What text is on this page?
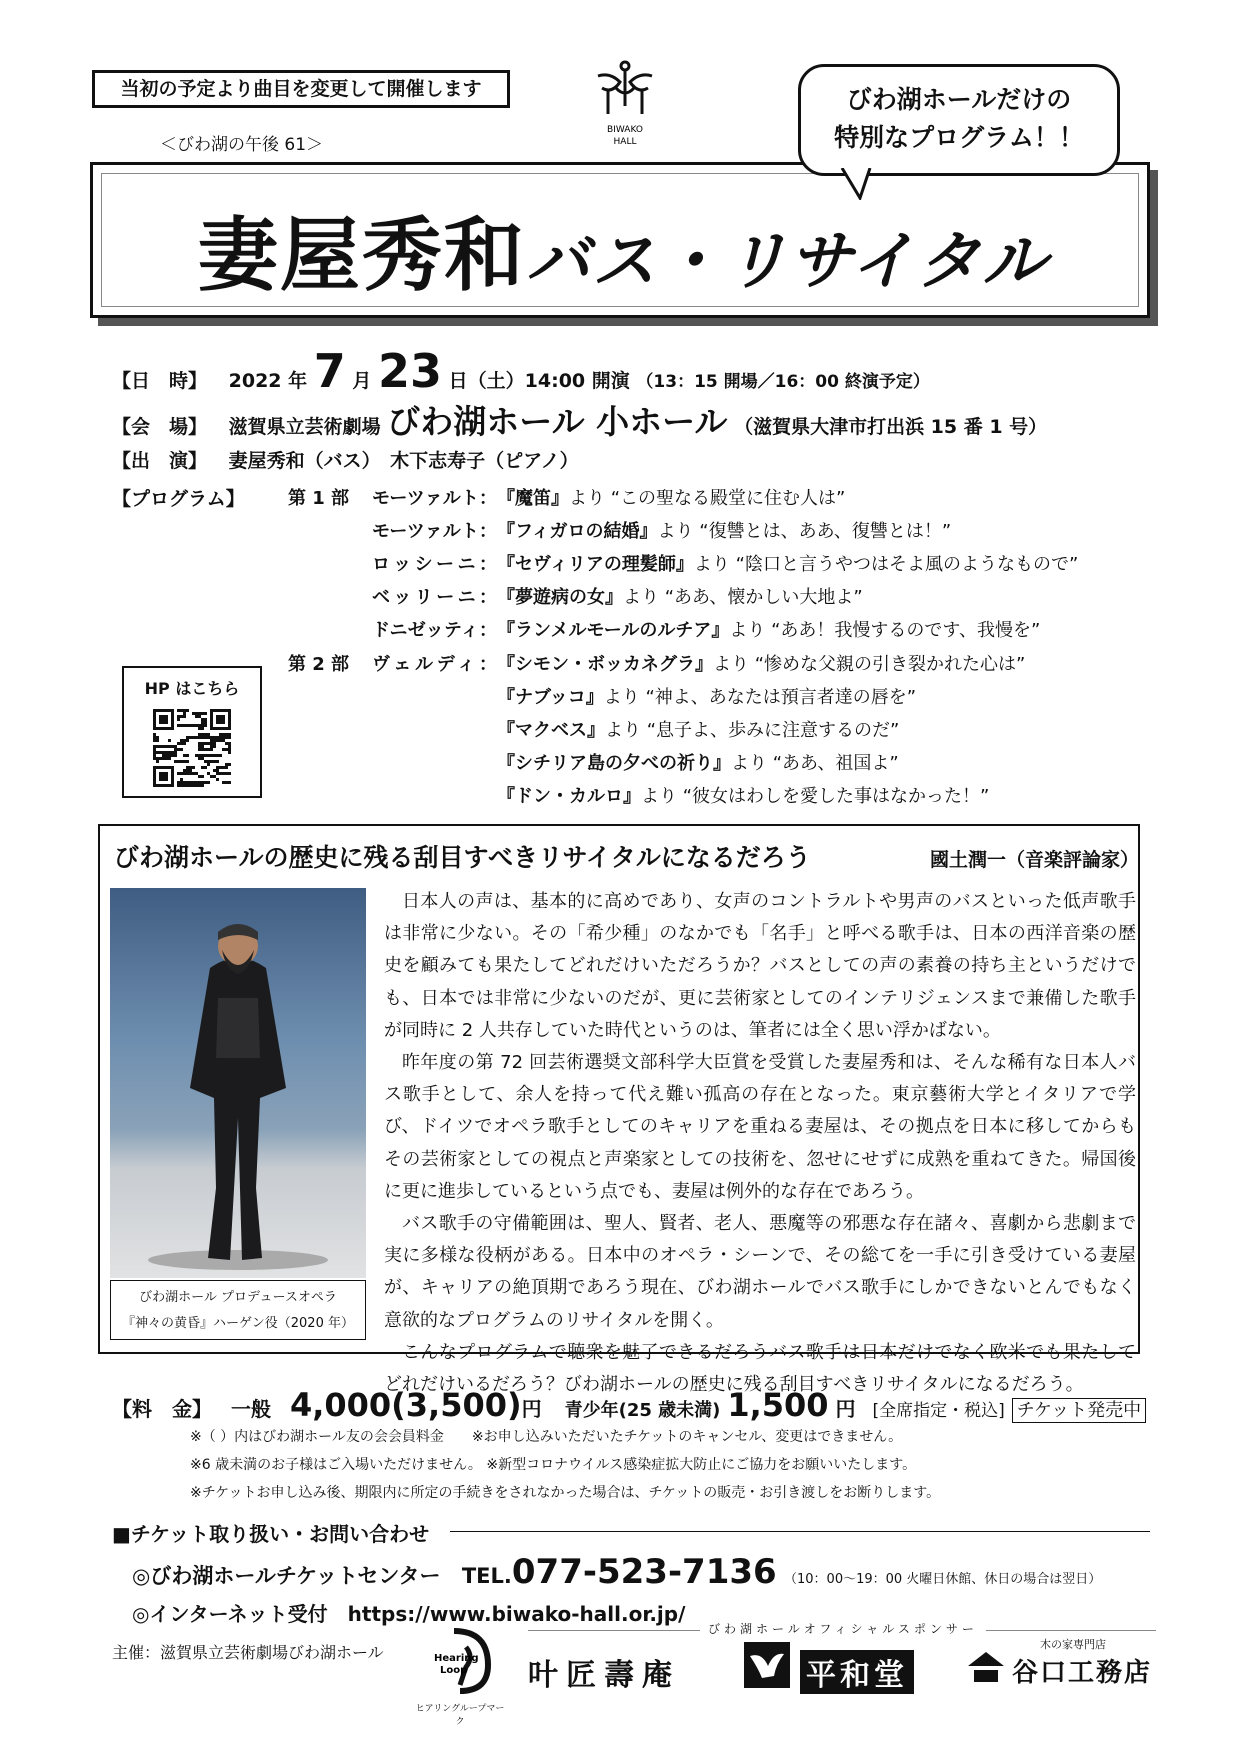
当初の予定より曲目を変更して開催します
＜びわ湖の午後 61＞
BIWAKO
HALL
妻屋秀和バス・リサイタル
びわ湖ホールだけの
特別なプログラム！！
【日　時】 2022 年 7 月 23 日（土）14:00 開演 （13：15 開場／16：00 終演予定）
【会　場】 滋賀県立芸術劇場 びわ湖ホール 小ホール （滋賀県大津市打出浜 15 番 1 号）
【出　演】 妻屋秀和（バス）　木下志寿子（ピアノ）
【プログラム】 第 1 部 モーツァルト：『魔笛』より “この聖なる殿堂に住む人は”
モーツァルト：『フィガロの結婚』より “復讐とは、ああ、復讐とは！”
ロッシーニ：『セヴィリアの理髪師』より “陰口と言うやつはそよ風のようなもので”
ベッリーニ：『夢遊病の女』より “ああ、懐かしい大地よ”
ドニゼッティ：『ランメルモールのルチア』より “ああ！我慢するのです、我慢を”
第 2 部 ヴェルディ： 『シモン・ボッカネグラ』より “惨めな父親の引き裂かれた心は”
『ナブッコ』より “神よ、あなたは預言者達の唇を”
『マクベス』より “息子よ、歩みに注意するのだ”
『シチリア島の夕べの祈り』より “ああ、祖国よ”
『ドン・カルロ』より “彼女はわしを愛した事はなかった！”
HP はこちら
びわ湖ホールの歴史に残る刮目すべきリサイタルになるだろう	國土潤一（音楽評論家）
びわ湖ホール プロデュースオペラ
『神々の黄昏』ハーゲン役（2020 年）

日本人の声は、基本的に高めであり、女声のコントラルトや男声のバスといった低声歌手は非常に少ない。その「希少種」のなかでも「名手」と呼べる歌手は、日本の西洋音楽の歴史を顧みても果たしてどれだけいただろうか？バスとしての声の素養の持ち主というだけでも、日本では非常に少ないのだが、更に芸術家としてのインテリジェンスまで兼備した歌手が同時に 2 人共存していた時代というのは、筆者には全く思い浮かばない。

昨年度の第 72 回芸術選奨文部科学大臣賞を受賞した妻屋秀和は、そんな稀有な日本人バス歌手として、余人を持って代え難い孤高の存在となった。東京藝術大学とイタリアで学び、ドイツでオペラ歌手としてのキャリアを重ねる妻屋は、その拠点を日本に移してからもその芸術家としての視点と声楽家としての技術を、忽せにせずに成熟を重ねてきた。帰国後に更に進歩しているという点でも、妻屋は例外的な存在であろう。

バス歌手の守備範囲は、聖人、賢者、老人、悪魔等の邪悪な存在諸々、喜劇から悲劇まで実に多様な役柄がある。日本中のオペラ・シーンで、その総てを一手に引き受けている妻屋が、キャリアの絶頂期であろう現在、びわ湖ホールでバス歌手にしかできないとんでもなく意欲的なプログラムのリサイタルを開く。

こんなプログラムで聴衆を魅了できるだろうバス歌手は日本だけでなく欧米でも果たしてどれだけいるだろう？びわ湖ホールの歴史に残る刮目すべきリサイタルになるだろう。

【料　金】 一般 4,000(3,500)円 青少年(25 歳未満) 1,500 円 [全席指定・税込] チケット発売中
※（ ）内はびわ湖ホール友の会会員料金　　※お申し込みいただいたチケットのキャンセル、変更はできません。
※6 歳未満のお子様はご入場いただけません。 ※新型コロナウイルス感染症拡大防止にご協力をお願いいたします。
※チケットお申し込み後、期限内に所定の手続きをされなかった場合は、チケットの販売・お引き渡しをお断りします。
■チケット取り扱い・お問い合わせ
◎びわ湖ホールチケットセンター TEL.077-523-7136 （10：00～19：00 火曜日休館、休日の場合は翌日）
◎インターネット受付　https://www.biwako-hall.or.jp/
主催：滋賀県立芸術劇場びわ湖ホール	Hearing
Loop
ヒアリングループマーク
びわ湖ホールオフィシャルスポンサー
叶匠壽庵	平和堂
木の家専門店
谷口工務店
